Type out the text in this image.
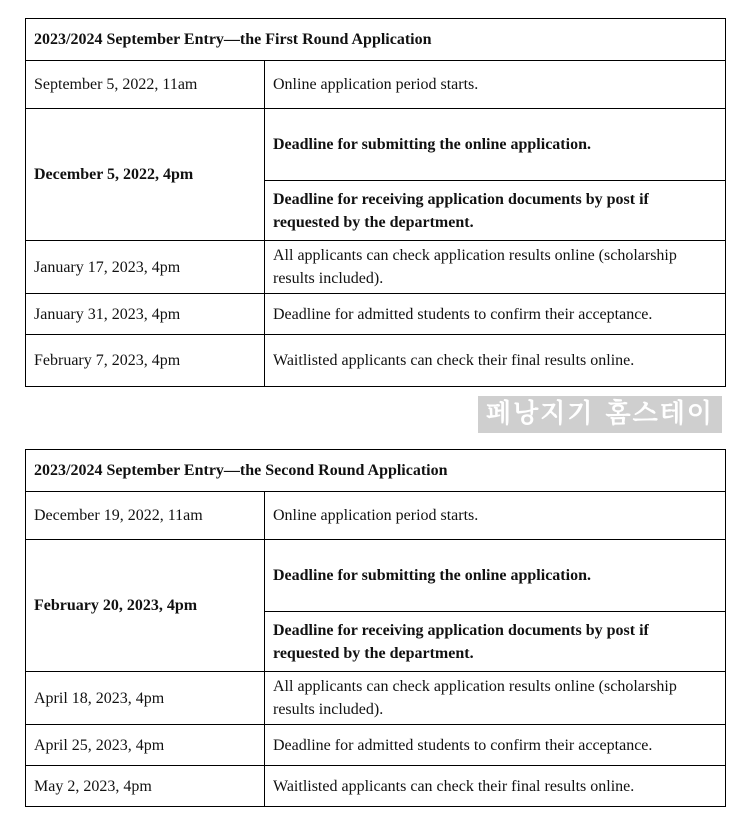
2023/2024 September Entry—the First Round Application	
September 5, 2022, 11am	Online application period starts.
December 5, 2022, 4pm	Deadline for submitting the online application.
	Deadline for receiving application documents by post if requested by the department.
January 17, 2023, 4pm	All applicants can check application results online (scholarship results included).
January 31, 2023, 4pm	Deadline for admitted students to confirm their acceptance.
February 7, 2023, 4pm	Waitlisted applicants can check their final results online.
페낭지기 홈스테이
2023/2024 September Entry—the Second Round Application	
December 19, 2022, 11am	Online application period starts.
February 20, 2023, 4pm	Deadline for submitting the online application.
	Deadline for receiving application documents by post if requested by the department.
April 18, 2023, 4pm	All applicants can check application results online (scholarship results included).
April 25, 2023, 4pm	Deadline for admitted students to confirm their acceptance.
May 2, 2023, 4pm	Waitlisted applicants can check their final results online.
